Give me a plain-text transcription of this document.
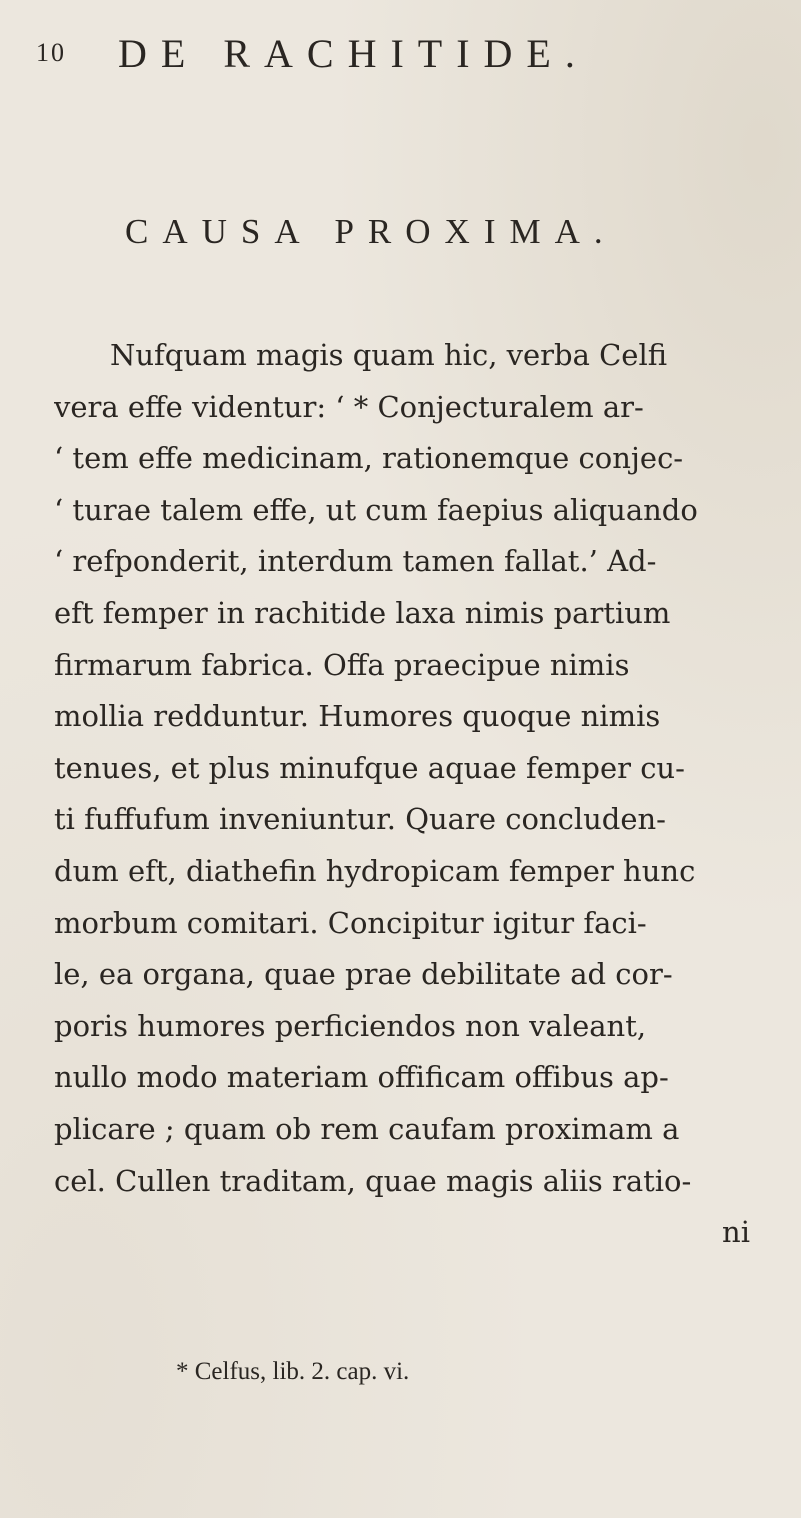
10 DE RACHITIDE.
CAUSA PROXIMA.
Nufquam magis quam hic, verba Celfi
vera effe videntur: ‘ * Conjecturalem ar-
‘ tem effe medicinam, rationemque conjec-
‘ turae talem effe, ut cum faepius aliquando
‘ refponderit, interdum tamen fallat.’ Ad-
eft femper in rachitide laxa nimis partium
firmarum fabrica. Offa praecipue nimis
mollia redduntur. Humores quoque nimis
tenues, et plus minufque aquae femper cu-
ti fuffufum inveniuntur. Quare concluden-
dum eft, diathefin hydropicam femper hunc
morbum comitari. Concipitur igitur faci-
le, ea organa, quae prae debilitate ad cor-
poris humores perficiendos non valeant,
nullo modo materiam offificam offibus ap-
plicare ; quam ob rem caufam proximam a
cel. Cullen traditam, quae magis aliis ratio-
ni
* Celfus, lib. 2. cap. vi.
